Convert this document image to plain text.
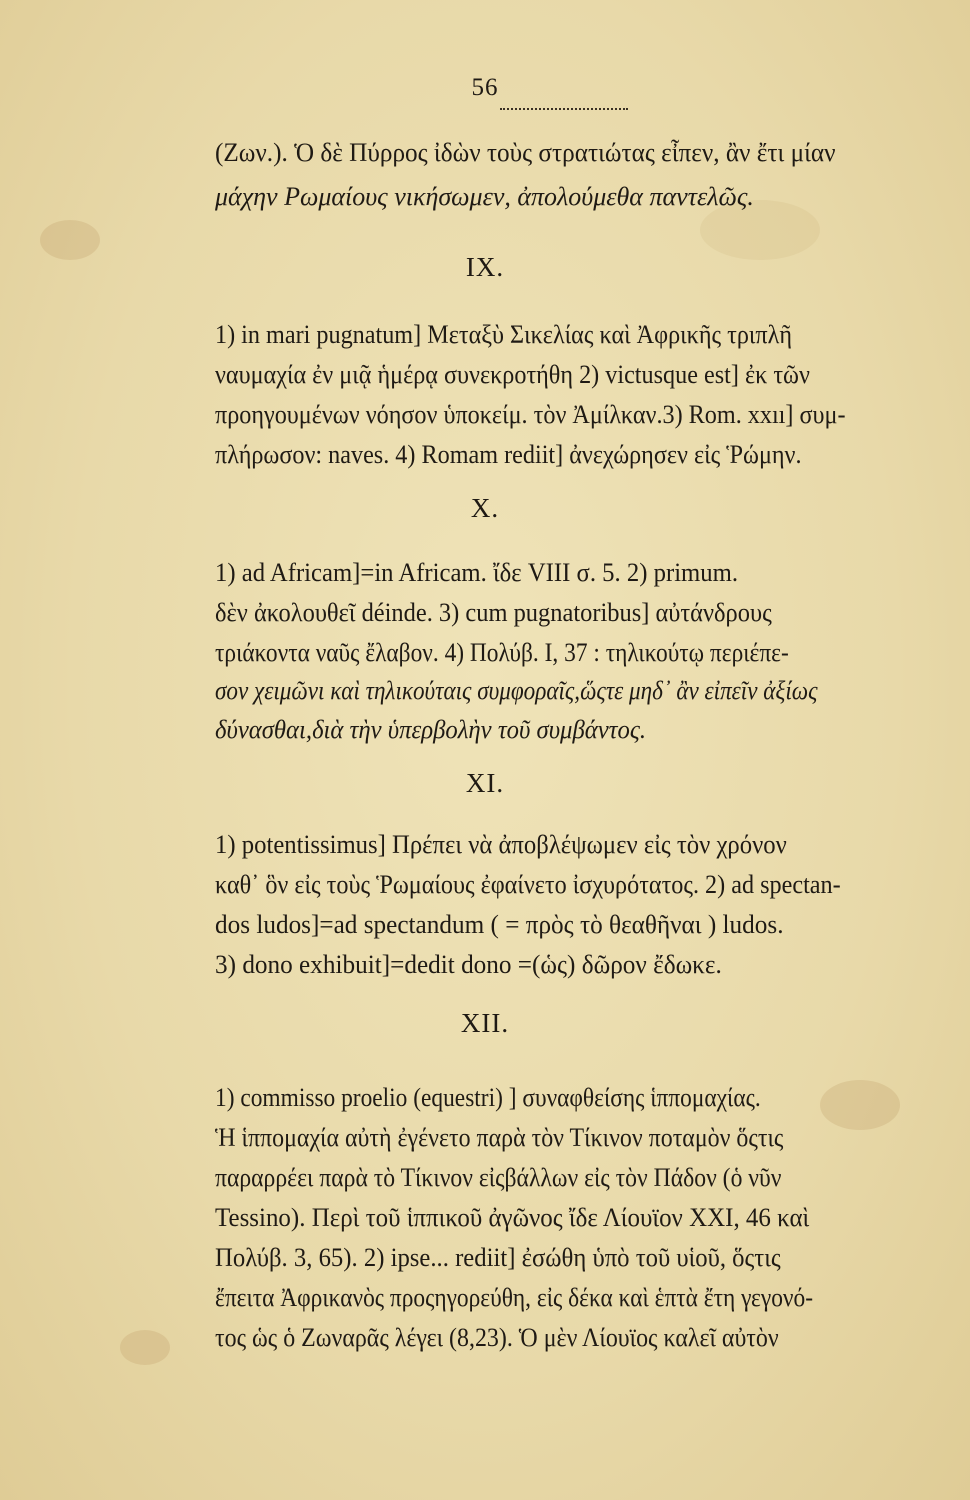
56
(Ζων.). Ὁ δὲ Πύρρος ἰδὼν τοὺς στρατιώτας εἶπεν, ἂν ἔτι μίαν
μάχην Ρωμαίους νικήσωμεν, ἀπολούμεθα παντελῶς.
IX.
1) in mari pugnatum] Μεταξὺ Σικελίας καὶ Ἀφρικῆς τριπλῆ
ναυμαχία ἐν μιᾷ ἡμέρᾳ συνεκροτήθη 2) victusque est] ἐκ τῶν
προηγουμένων νόησον ὑποκείμ. τὸν Ἀμίλκαν.3) Rom. xxıı] συμ-
πλήρωσον: naves. 4) Romam rediit] ἀνεχώρησεν εἰς Ῥώμην.
X.
1) ad Africam]=in Africam. ἴδε VIII σ. 5. 2) primum.
δὲν ἀκολουθεῖ déinde. 3) cum pugnatoribus] αὐτάνδρους
τριάκοντα ναῦς ἔλαβον. 4) Πολύβ. I, 37 : τηλικούτῳ περιέπε-
σον χειμῶνι καὶ τηλικούταις συμφοραῖς,ὥςτε μηδ᾽ ἂν εἰπεῖν ἀξίως
δύνασθαι,διὰ τὴν ὑπερβολὴν τοῦ συμβάντος.
XI.
1) potentissimus] Πρέπει νὰ ἀποβλέψωμεν εἰς τὸν χρόνον
καθ᾽ ὃν εἰς τοὺς Ῥωμαίους ἐφαίνετο ἰσχυρότατος. 2) ad spectan-
dos ludos]=ad spectandum ( = πρὸς τὸ θεαθῆναι ) ludos.
3) dono exhibuit]=dedit dono =(ὡς) δῶρον ἔδωκε.
XII.
1) commisso proelio (equestri) ] συναφθείσης ἱππομαχίας.
Ἡ ἱππομαχία αὐτὴ ἐγένετο παρὰ τὸν Τίκινον ποταμὸν ὅςτις
παραρρέει παρὰ τὸ Τίκινον εἰςβάλλων εἰς τὸν Πάδον (ὁ νῦν
Tessino). Περὶ τοῦ ἱππικοῦ ἀγῶνος ἴδε Λίουϊον XXI, 46 καὶ
Πολύβ. 3, 65). 2) ipse... rediit] ἐσώθη ὑπὸ τοῦ υἱοῦ, ὅςτις
ἔπειτα Ἀφρικανὸς προςηγορεύθη, εἰς δέκα καὶ ἑπτὰ ἔτη γεγονό-
τος ὡς ὁ Ζωναρᾶς λέγει (8,23). Ὁ μὲν Λίουϊος καλεῖ αὐτὸν
